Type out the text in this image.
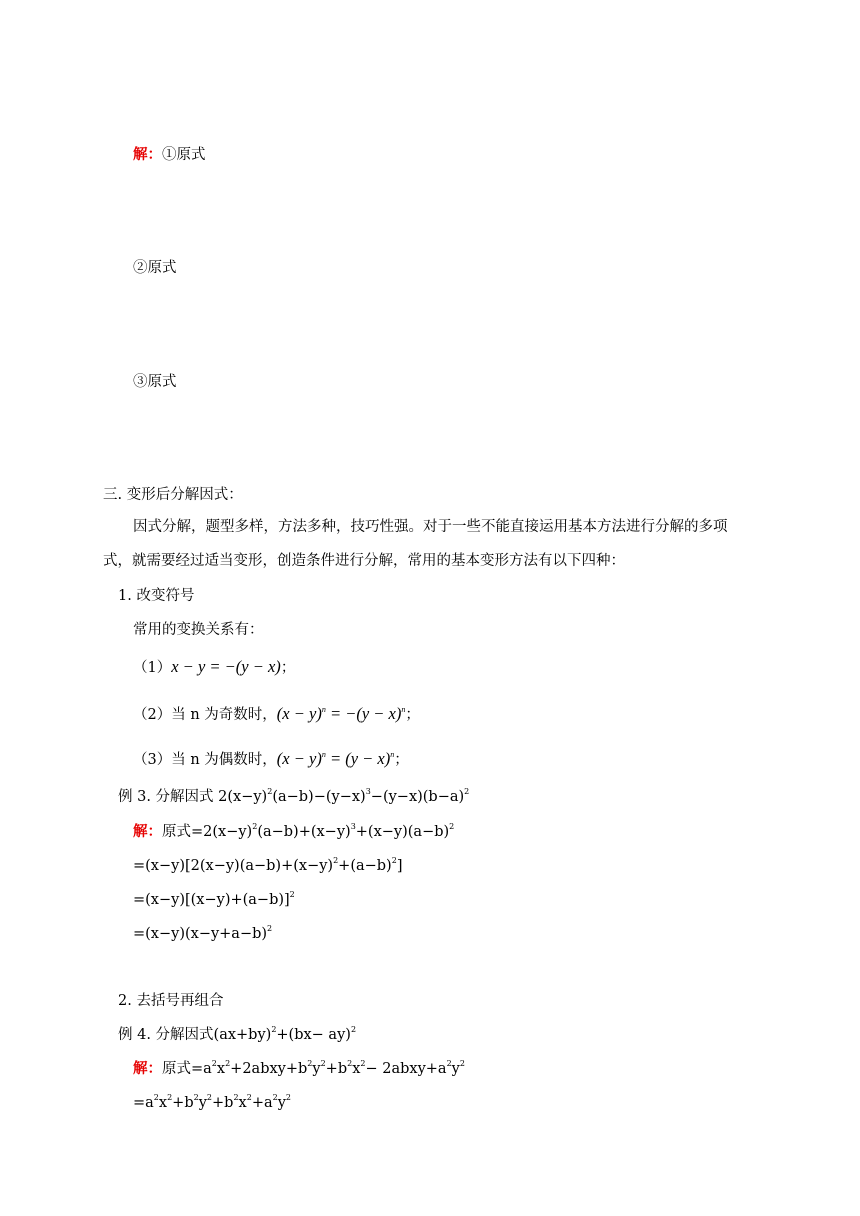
解：①原式
②原式
③原式
三. 变形后分解因式：
因式分解，题型多样，方法多种，技巧性强。对于一些不能直接运用基本方法进行分解的多项
式，就需要经过适当变形，创造条件进行分解，常用的基本变形方法有以下四种：
1. 改变符号
常用的变换关系有：
（1）x − y = −(y − x)；
（2）当 n 为奇数时，$(x - y)^n = -(y - x)^n$；
（3）当 n 为偶数时，$(x - y)^n = (y - x)^n$；
例 3. 分解因式 $2(x-y)^2(a-b)-(y-x)^3-(y-x)(b-a)^2$
解：原式$=2(x-y)^2(a-b)+(x-y)^3+(x-y)(a-b)^2$
$=(x-y)[2(x-y)(a-b)+(x-y)^2+(a-b)^2]$
$=(x-y)[(x-y)+(a-b)]^2$
$=(x-y)(x-y+a-b)^2$
2. 去括号再组合
例 4. 分解因式$(ax+by)^2+(bx- ay)^2$
解：原式$=a^2x^2+2abxy+b^2y^2+b^2x^2-$ $2abxy+a^2y^2$
$=a^2x^2+b^2y^2+b^2x^2+a^2y^2$
